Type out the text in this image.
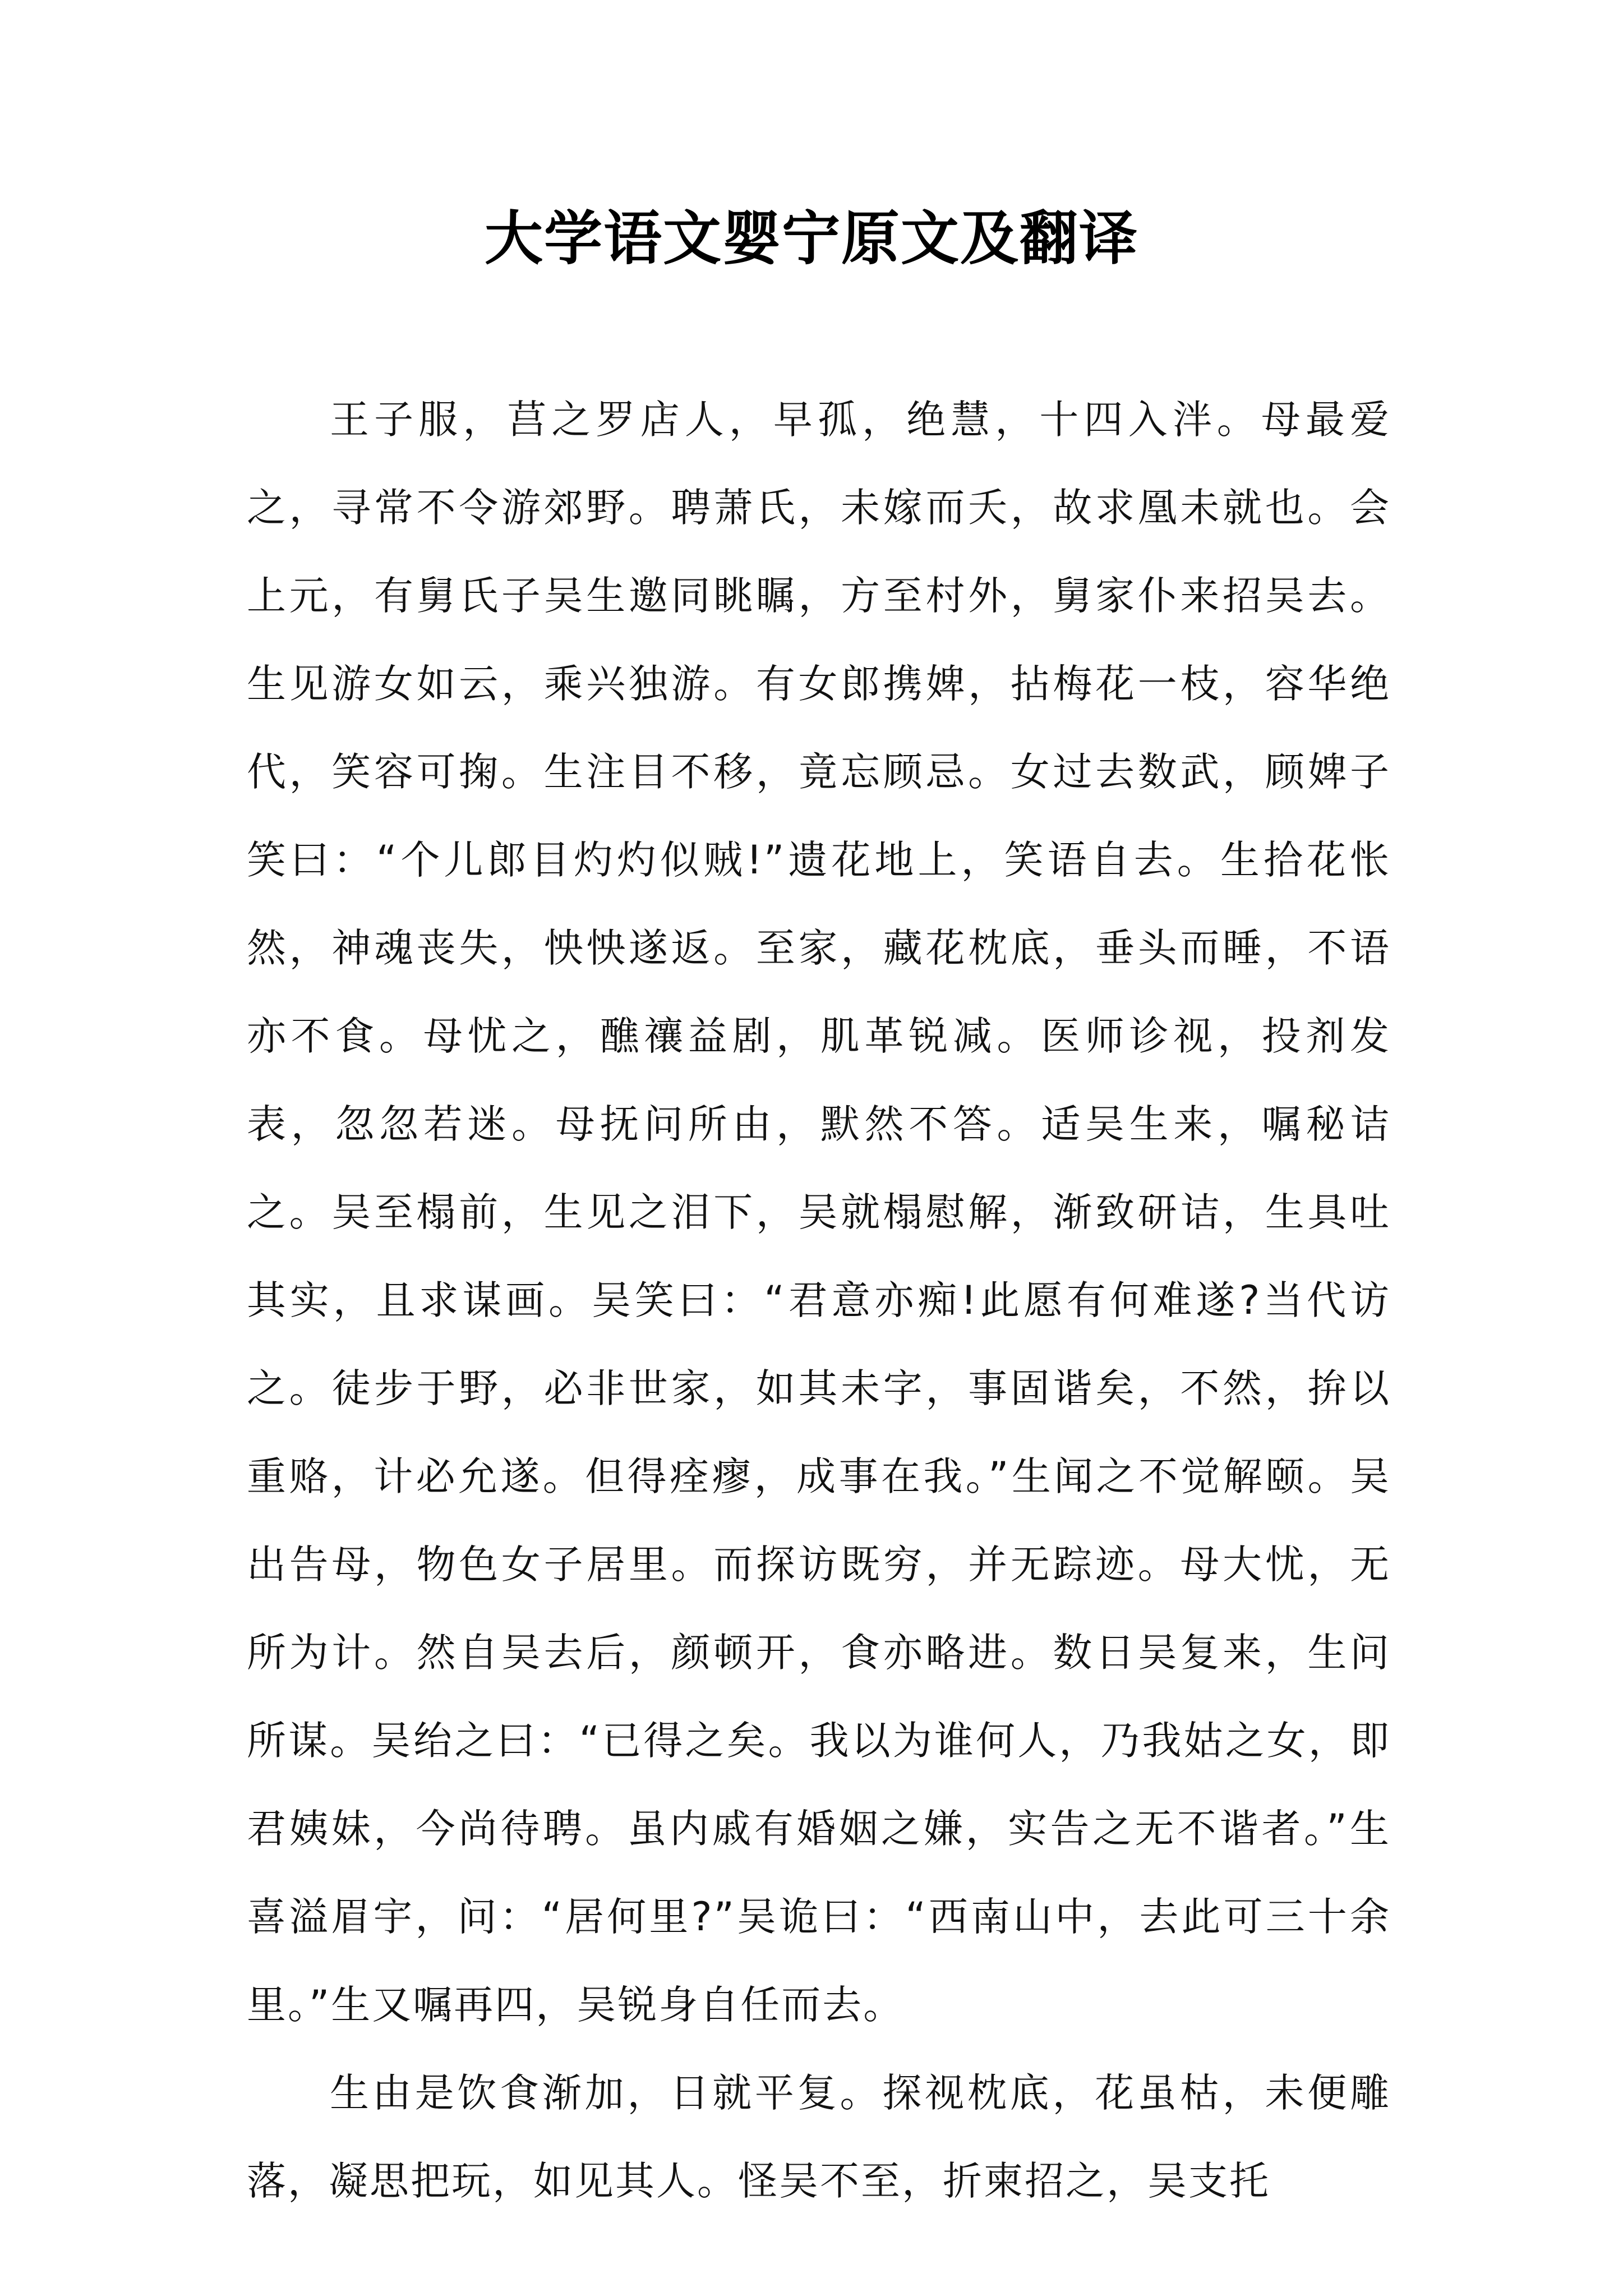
大学语文婴宁原文及翻译

王子服，莒之罗店人，早孤，绝慧，十四入泮。母最爱之，寻常不令游郊野。聘萧氏，未嫁而夭，故求凰未就也。会上元，有舅氏子吴生邀同眺瞩，方至村外，舅家仆来招吴去。生见游女如云，乘兴独游。有女郎携婢，拈梅花一枝，容华绝代，笑容可掬。生注目不移，竟忘顾忌。女过去数武，顾婢子笑曰：“个儿郎目灼灼似贼!”遗花地上，笑语自去。生拾花怅然，神魂丧失，怏怏遂返。至家，藏花枕底，垂头而睡，不语亦不食。母忧之，醮禳益剧，肌革锐减。医师诊视，投剂发表，忽忽若迷。母抚问所由，默然不答。适吴生来，嘱秘诘之。吴至榻前，生见之泪下，吴就榻慰解，渐致研诘，生具吐其实，且求谋画。吴笑曰：“君意亦痴!此愿有何难遂?当代访之。徒步于野，必非世家，如其未字，事固谐矣，不然，拚以重赂，计必允遂。但得痊瘳，成事在我。”生闻之不觉解颐。吴出告母，物色女子居里。而探访既穷，并无踪迹。母大忧，无所为计。然自吴去后，颜顿开，食亦略进。数日吴复来，生问所谋。吴绐之曰：“已得之矣。我以为谁何人，乃我姑之女，即君姨妹，今尚待聘。虽内戚有婚姻之嫌，实告之无不谐者。”生喜溢眉宇，问：“居何里?”吴诡曰：“西南山中，去此可三十余里。”生又嘱再四，吴锐身自任而去。

生由是饮食渐加，日就平复。探视枕底，花虽枯，未便雕落，凝思把玩，如见其人。怪吴不至，折柬招之，吴支托
